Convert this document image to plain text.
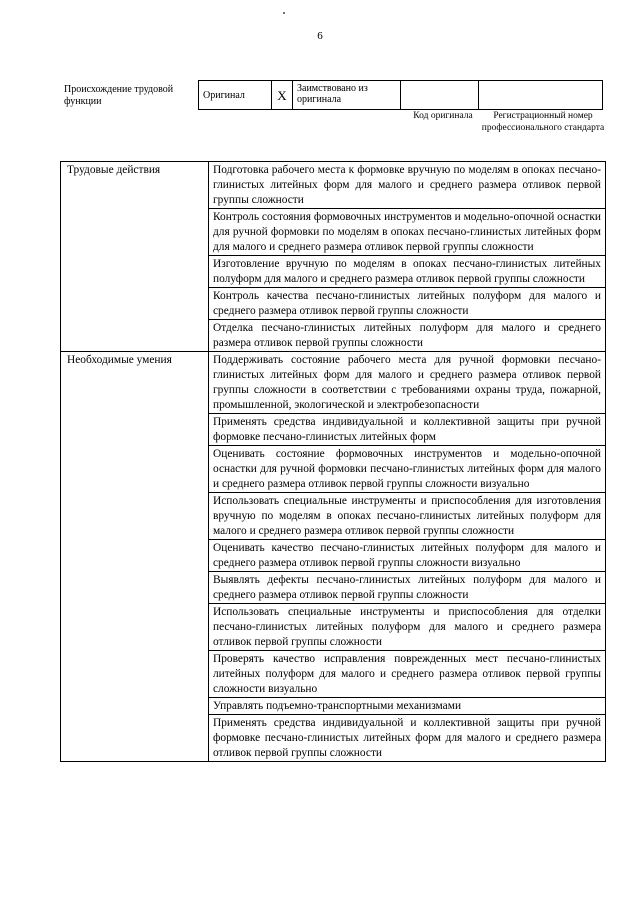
6
Происхождение трудовой функции
Оригинал	X	Заимствовано из оригинала		
Код оригинала	Регистрационный номер профессионального стандарта
Трудовые действия	Подготовка рабочего места к формовке вручную по моделям в опоках песчано-глинистых литейных форм для малого и среднего размера отливок первой группы сложности
	Контроль состояния формовочных инструментов и модельно-опочной оснастки для ручной формовки по моделям в опоках песчано-глинистых литейных форм для малого и среднего размера отливок первой группы сложности
	Изготовление вручную по моделям в опоках песчано-глинистых литейных полуформ для малого и среднего размера отливок первой группы сложности
	Контроль качества песчано-глинистых литейных полуформ для малого и среднего размера отливок первой группы сложности
	Отделка песчано-глинистых литейных полуформ для малого и среднего размера отливок первой группы сложности
Необходимые умения	Поддерживать состояние рабочего места для ручной формовки песчано-глинистых литейных форм для малого и среднего размера отливок первой группы сложности в соответствии с требованиями охраны труда, пожарной, промышленной, экологической и электробезопасности
	Применять средства индивидуальной и коллективной защиты при ручной формовке песчано-глинистых литейных форм
	Оценивать состояние формовочных инструментов и модельно-опочной оснастки для ручной формовки песчано-глинистых литейных форм для малого и среднего размера отливок первой группы сложности визуально
	Использовать специальные инструменты и приспособления для изготовления вручную по моделям в опоках песчано-глинистых литейных полуформ для малого и среднего размера отливок первой группы сложности
	Оценивать качество песчано-глинистых литейных полуформ для малого и среднего размера отливок первой группы сложности визуально
	Выявлять дефекты песчано-глинистых литейных полуформ для малого и среднего размера отливок первой группы сложности
	Использовать специальные инструменты и приспособления для отделки песчано-глинистых литейных полуформ для малого и среднего размера отливок первой группы сложности
	Проверять качество исправления поврежденных мест песчано-глинистых литейных полуформ для малого и среднего размера отливок первой группы сложности визуально
	Управлять подъемно-транспортными механизмами
	Применять средства индивидуальной и коллективной защиты при ручной формовке песчано-глинистых литейных форм для малого и среднего размера отливок первой группы сложности
